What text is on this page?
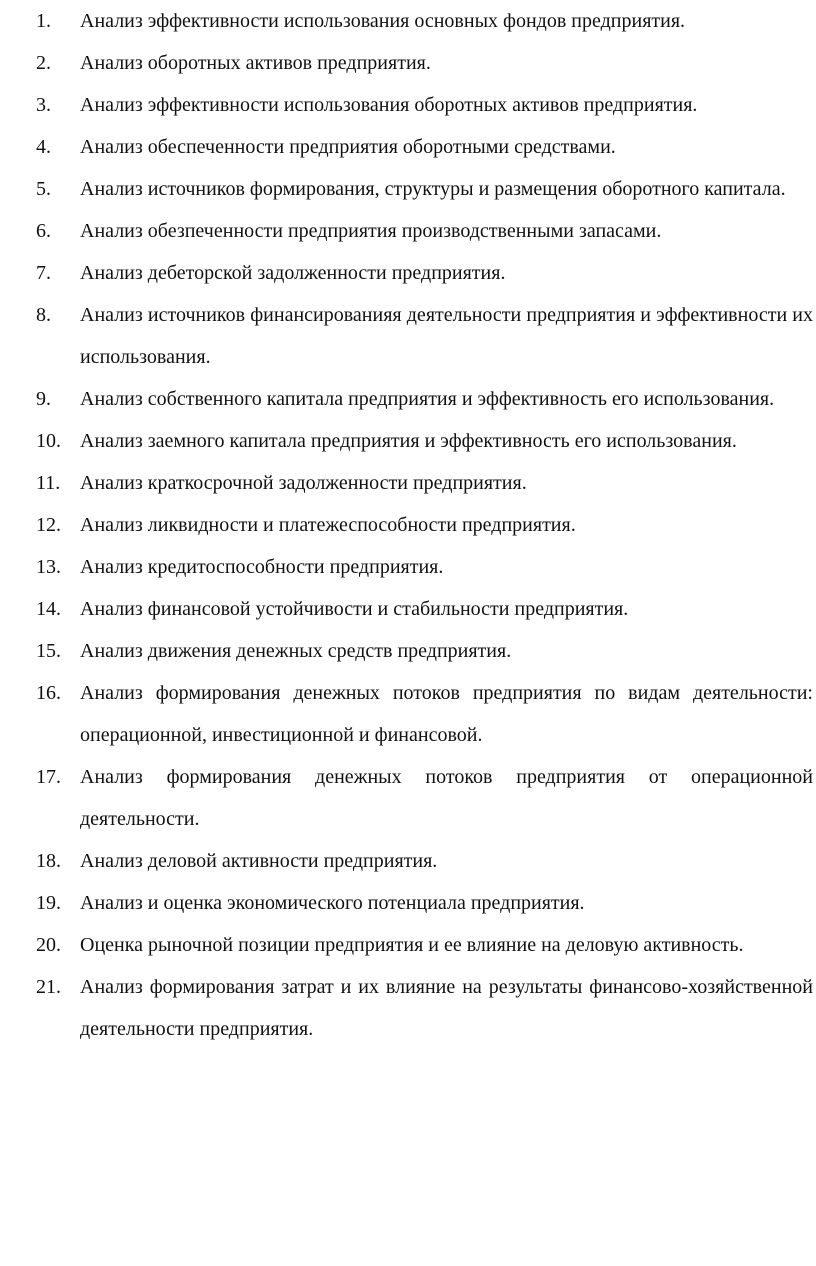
1.	Анализ эффективности использования основных фондов предприятия.
2.	Анализ оборотных активов предприятия.
3.	Анализ эффективности использования оборотных активов предприятия.
4.	Анализ обеспеченности предприятия оборотными средствами.
5.	Анализ источников формирования, структуры и размещения оборотного капитала.
6.	Анализ обезпеченности предприятия производственными запасами.
7.	Анализ дебеторской задолженности предприятия.
8.	Анализ источников финансированияя деятельности предприятия и эффективности их использования.
9.	Анализ собственного капитала предприятия и эффективность его использования.
10. Анализ заемного капитала предприятия и эффективность его использования.
11. Анализ краткосрочной задолженности предприятия.
12. Анализ ликвидности и платежеспособности предприятия.
13. Анализ кредитоспособности предприятия.
14. Анализ финансовой устойчивости и стабильности предприятия.
15. Анализ движения денежных средств предприятия.
16. Анализ формирования денежных потоков предприятия по видам деятельности: операционной, инвестиционной и финансовой.
17. Анализ формирования денежных потоков предприятия от операционной деятельности.
18. Анализ деловой активности предприятия.
19. Анализ и оценка экономического потенциала предприятия.
20. Оценка рыночной позиции предприятия и ее влияние на деловую активность.
21. Анализ формирования затрат и их влияние на результаты финансово-хозяйственной деятельности предприятия.
